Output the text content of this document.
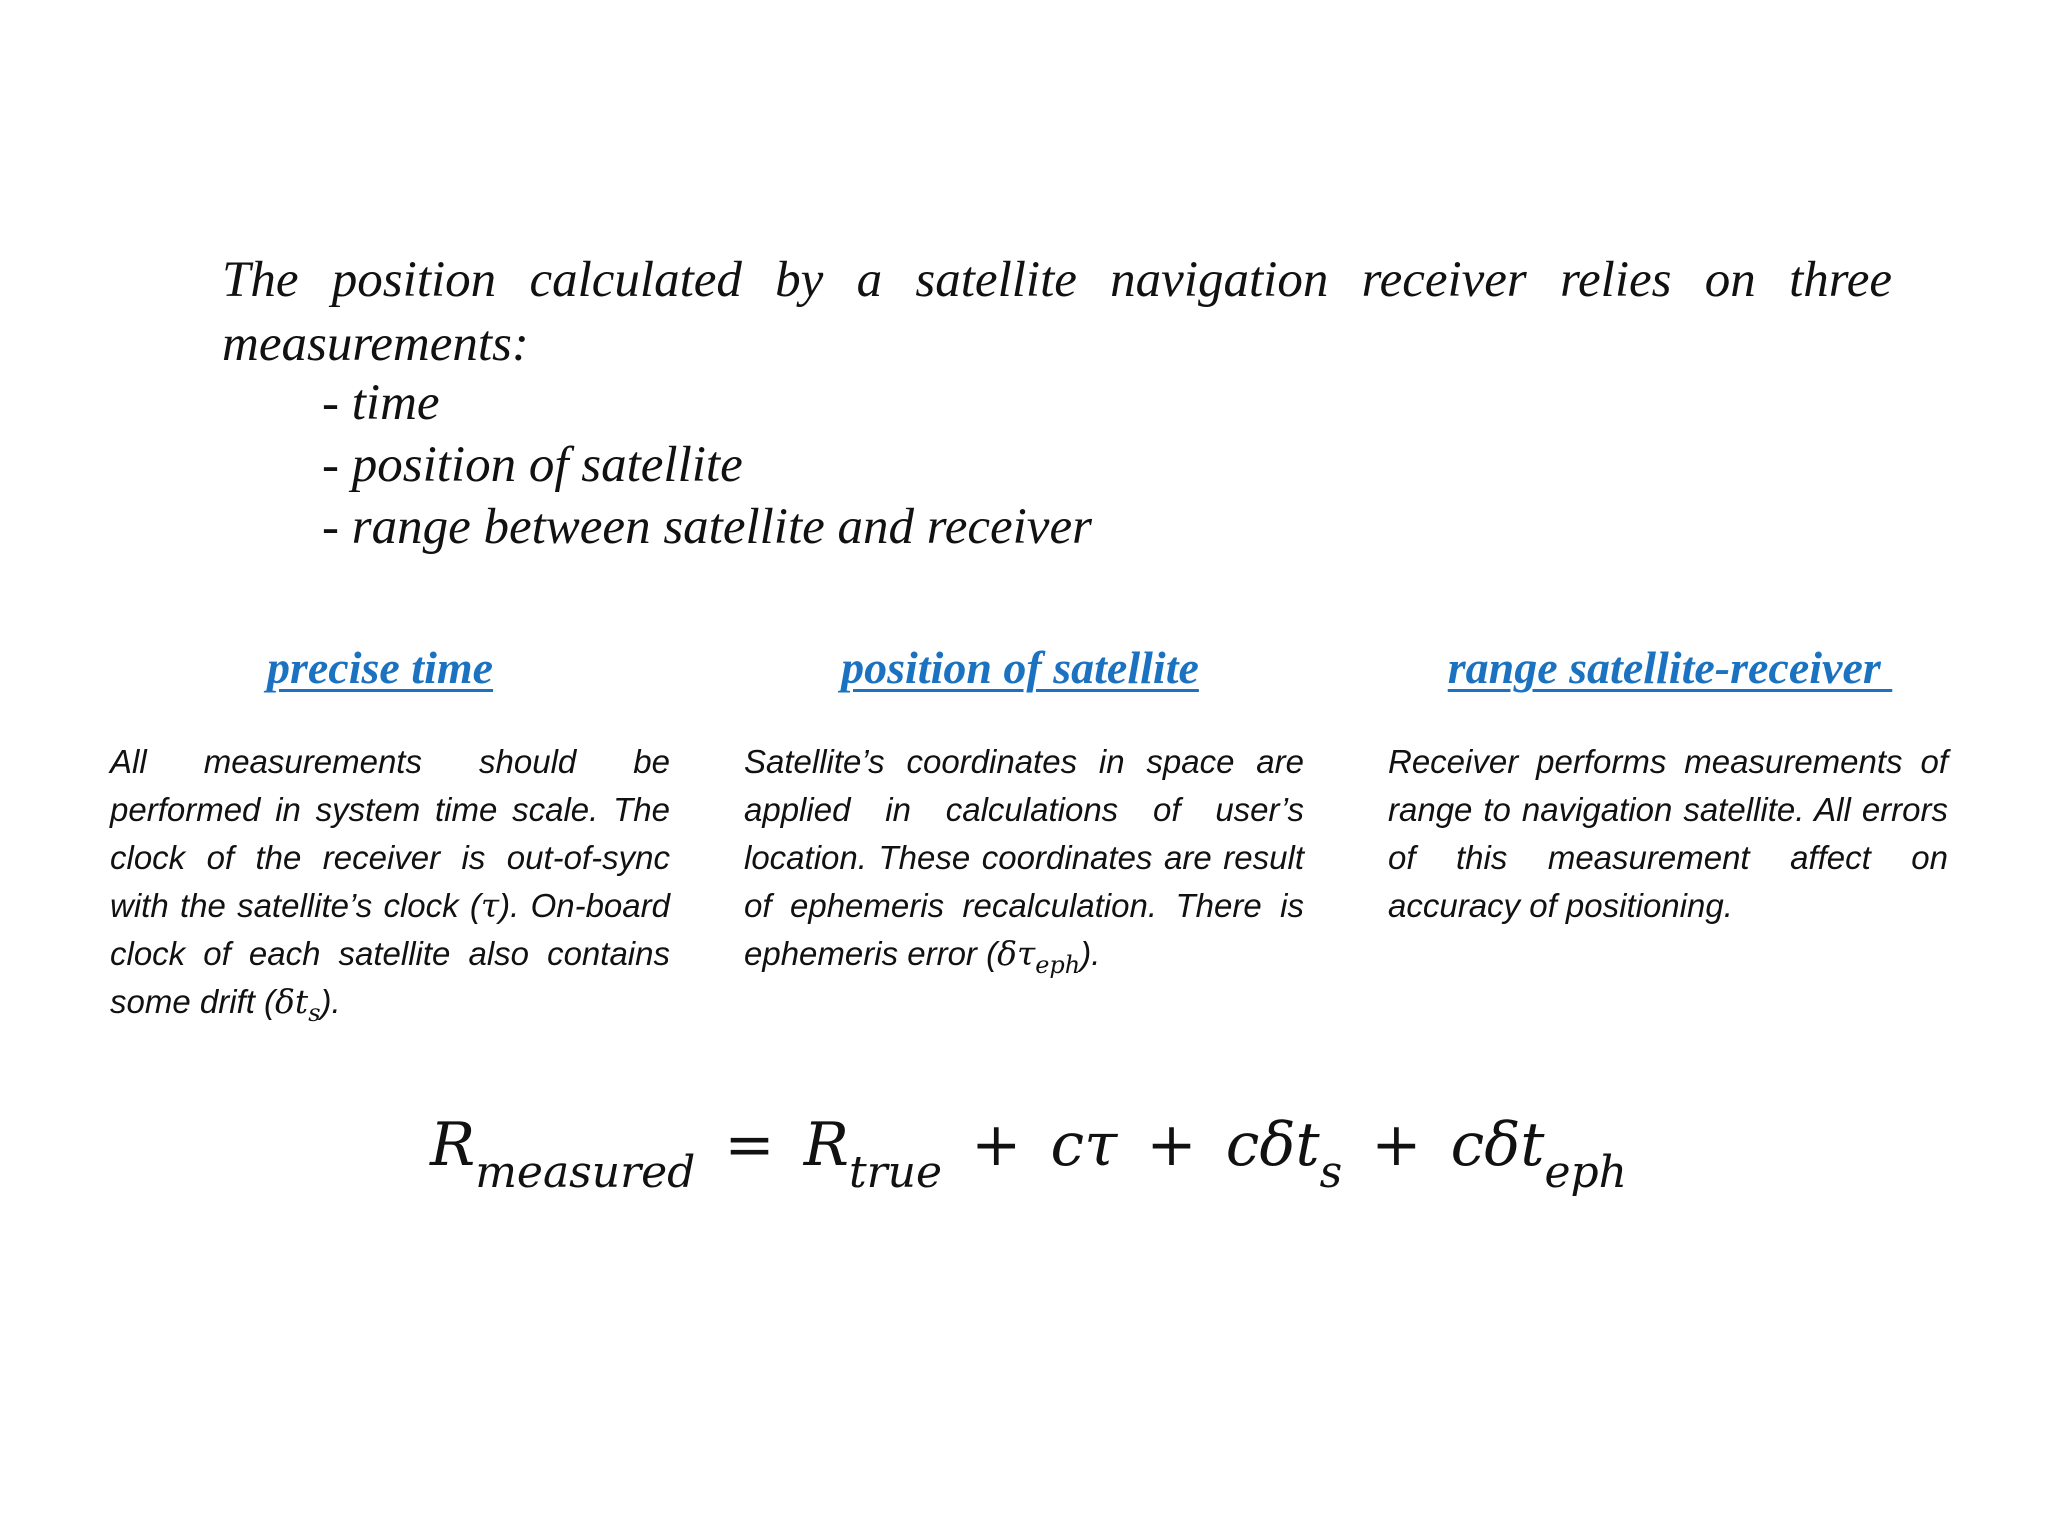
The position calculated by a satellite navigation receiver relies on three measurements:

- time
- position of satellite
- range between satellite and receiver
precise time	position of satellite	range satellite-receiver

All measurements should be performed in system time scale. The clock of the receiver is out-of-sync with the satellite’s clock (τ). On-board clock of each satellite also contains some drift $(\delta t_s)$.

Satellite’s coordinates in space are applied in calculations of user’s location. These coordinates are result of ephemeris recalculation. There is ephemeris error $(\delta\tau_{eph})$.

Receiver performs measurements of range to navigation satellite. All errors of this measurement affect on accuracy of positioning.

$R_{measured} = R_{true} + c\tau + c\delta t_s + c\delta t_{eph}$
